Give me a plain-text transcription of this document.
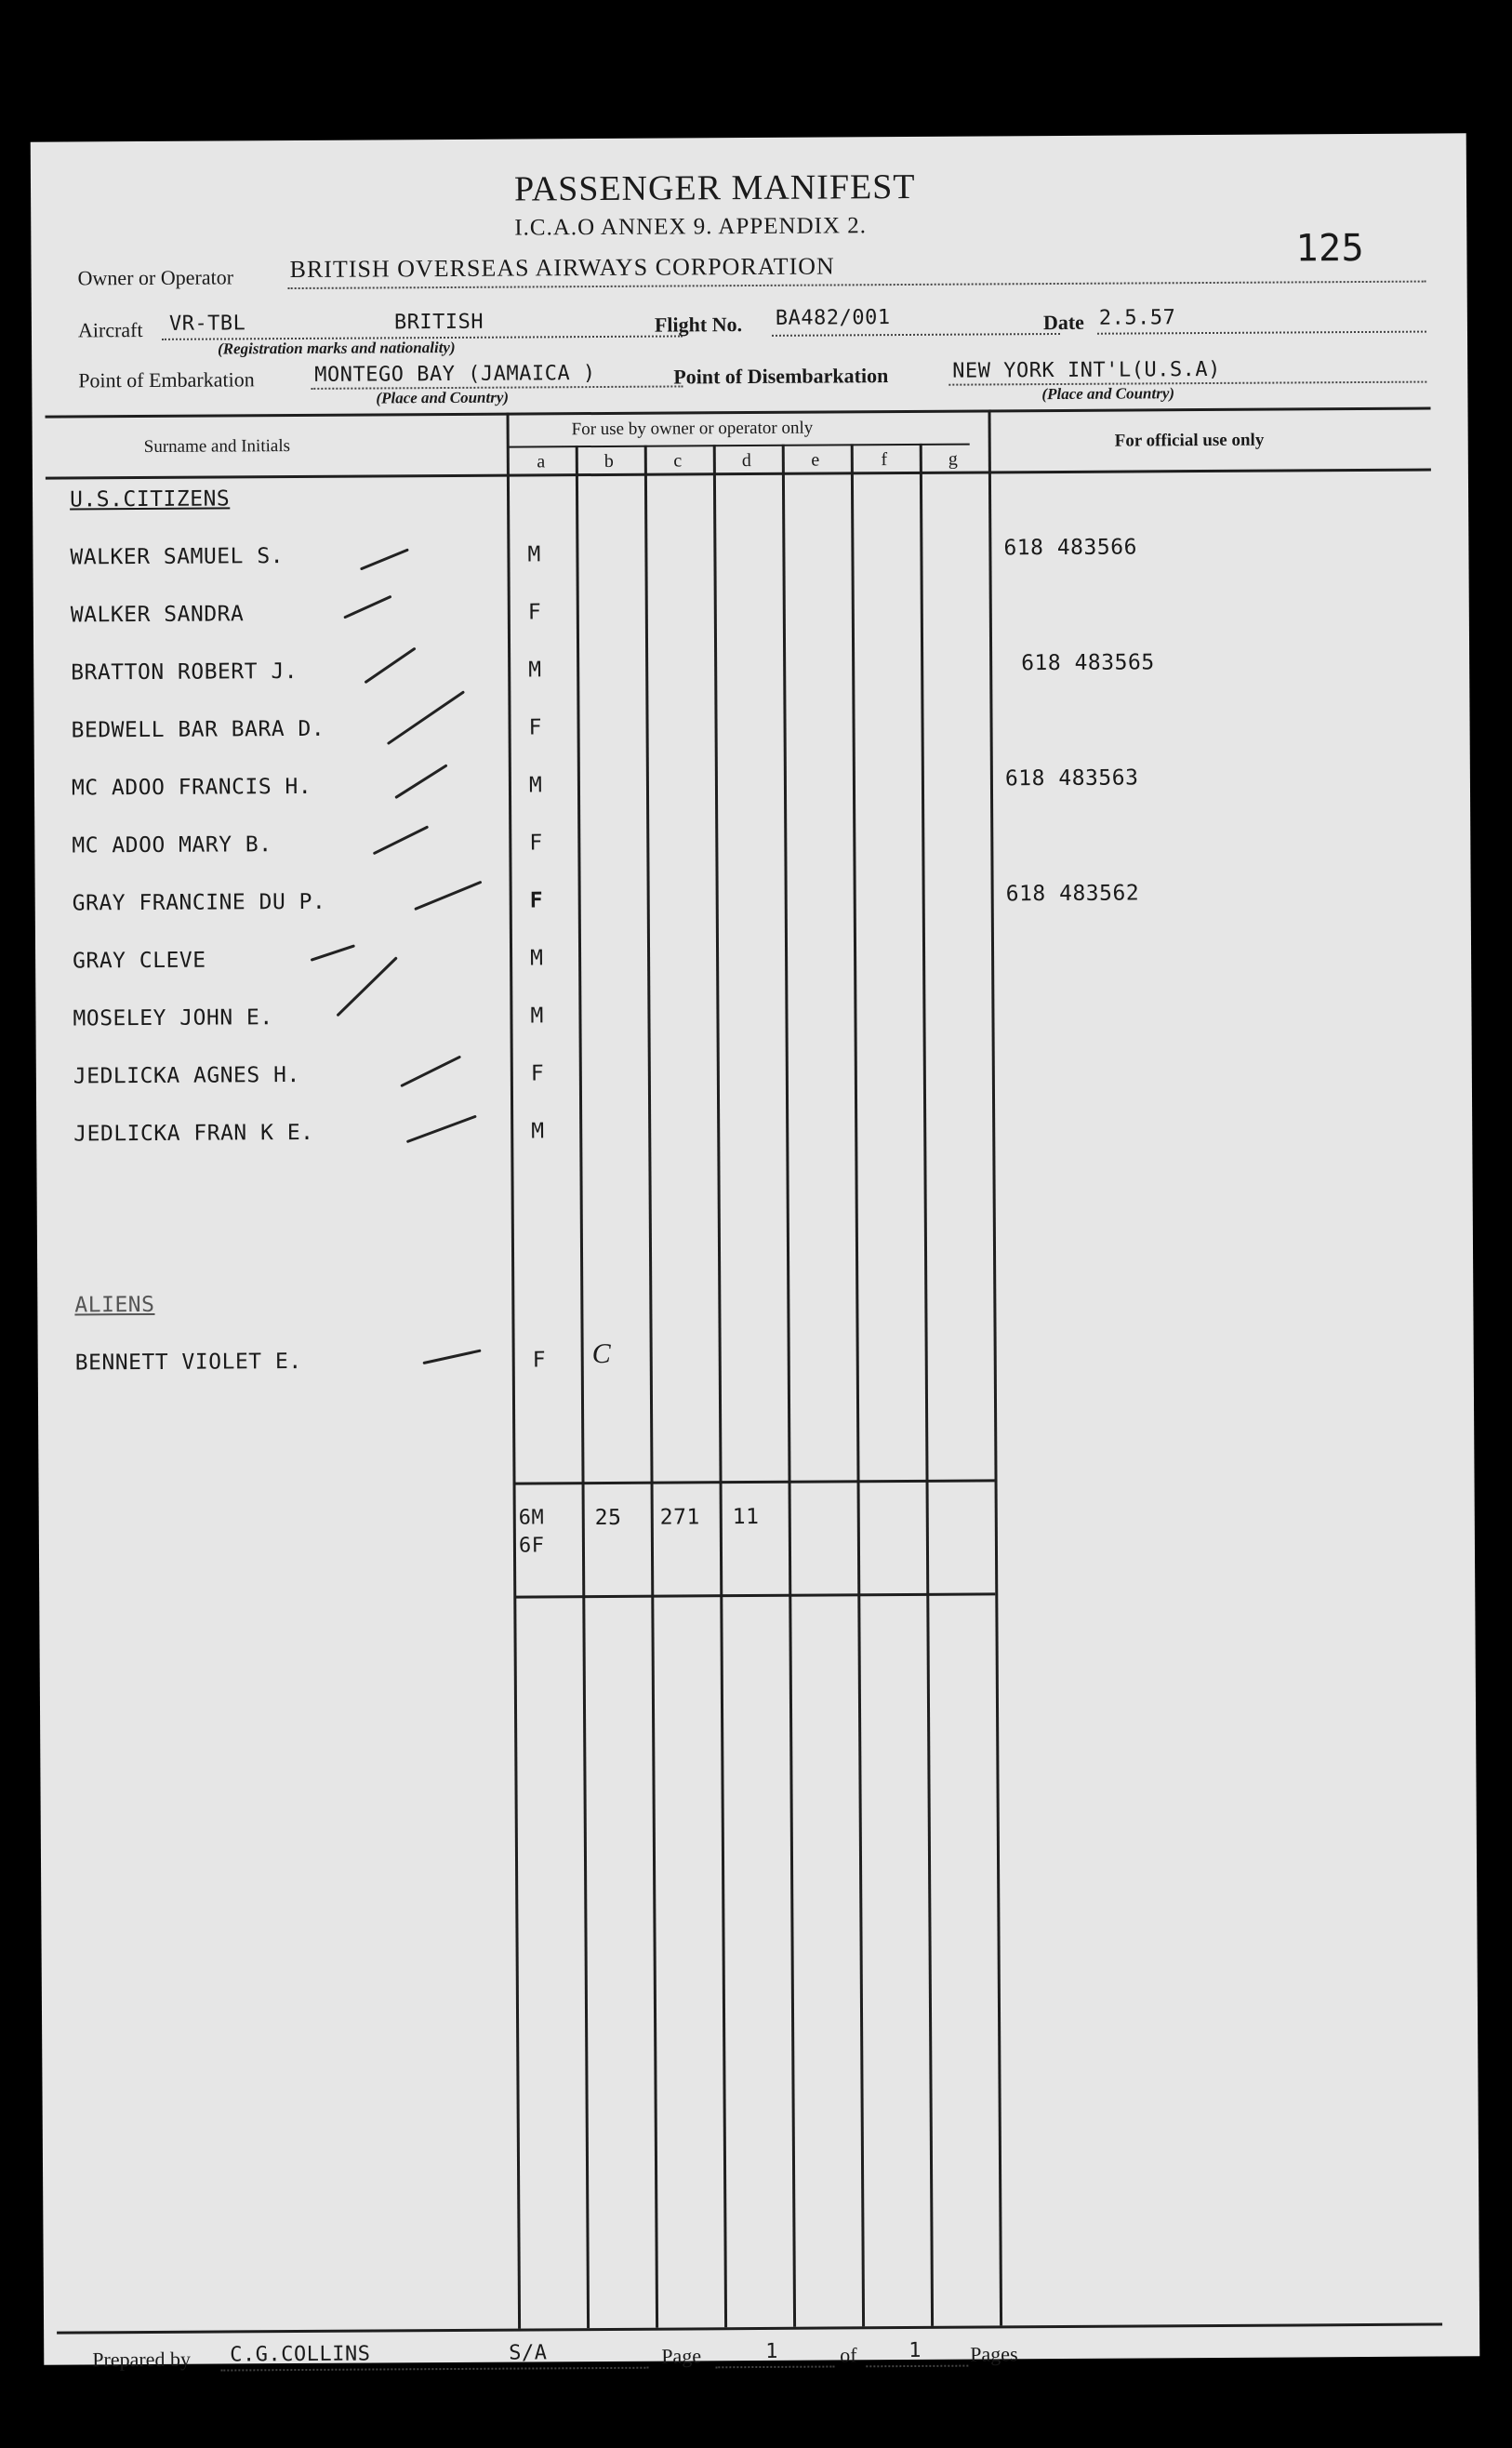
PASSENGER MANIFEST
I.C.A.O ANNEX 9. APPENDIX 2.
125
Owner or Operator BRITISH OVERSEAS AIRWAYS CORPORATION
Aircraft VR-TBL	BRITISH
(Registration marks and nationality)
Flight No. BA482/001	Date 2.5.57
Point of Embarkation	MONTEGO BAY (JAMAICA )
(Place and Country)
Point of Disembarkation	NEW YORK INT'L(U.S.A)
(Place and Country)
Surname and Initials
For use by owner or operator only
For official use only
a	b	c	d	e	f	g
U.S.CITIZENS
WALKER SAMUEL S.	M	618 483566
WALKER SANDRA	F
BRATTON ROBERT J.	M	618 483565
BEDWELL BAR BARA D.	F
MC ADOO FRANCIS H.	M	618 483563
MC ADOO MARY B.	F
GRAY FRANCINE DU P.	F	618 483562
GRAY CLEVE	M
MOSELEY JOHN E.	M
JEDLICKA AGNES H.	F
JEDLICKA FRAN K E.	M
ALIENS
BENNETT VIOLET E.	F C
6M
6F
25 271 11
Prepared by C.G.COLLINS	S/A	Page	1	of	1 Pages
